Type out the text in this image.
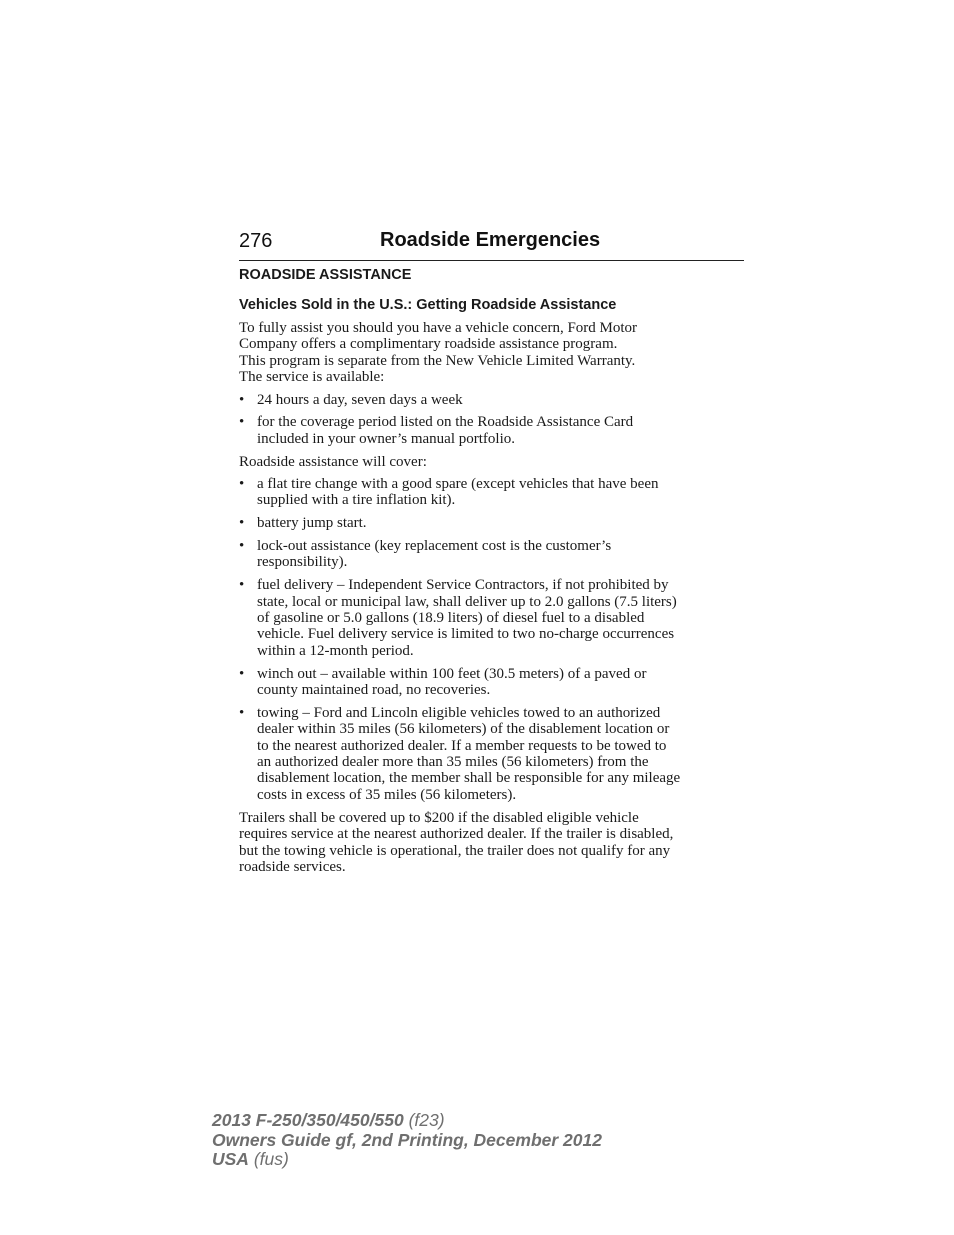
276	Roadside Emergencies
ROADSIDE ASSISTANCE
Vehicles Sold in the U.S.: Getting Roadside Assistance

To fully assist you should you have a vehicle concern, Ford Motor
Company offers a complimentary roadside assistance program.
This program is separate from the New Vehicle Limited Warranty.
The service is available:

• 24 hours a day, seven days a week
• for the coverage period listed on the Roadside Assistance Card
included in your owner’s manual portfolio.

Roadside assistance will cover:

• a flat tire change with a good spare (except vehicles that have been
supplied with a tire inflation kit).
• battery jump start.
• lock-out assistance (key replacement cost is the customer’s
responsibility).
• fuel delivery – Independent Service Contractors, if not prohibited by
state, local or municipal law, shall deliver up to 2.0 gallons (7.5 liters)
of gasoline or 5.0 gallons (18.9 liters) of diesel fuel to a disabled
vehicle. Fuel delivery service is limited to two no-charge occurrences
within a 12-month period.
• winch out – available within 100 feet (30.5 meters) of a paved or
county maintained road, no recoveries.
• towing – Ford and Lincoln eligible vehicles towed to an authorized
dealer within 35 miles (56 kilometers) of the disablement location or
to the nearest authorized dealer. If a member requests to be towed to
an authorized dealer more than 35 miles (56 kilometers) from the
disablement location, the member shall be responsible for any mileage
costs in excess of 35 miles (56 kilometers).

Trailers shall be covered up to $200 if the disabled eligible vehicle
requires service at the nearest authorized dealer. If the trailer is disabled,
but the towing vehicle is operational, the trailer does not qualify for any
roadside services.

2013 F-250/350/450/550 (f23)
Owners Guide gf, 2nd Printing, December 2012
USA (fus)
